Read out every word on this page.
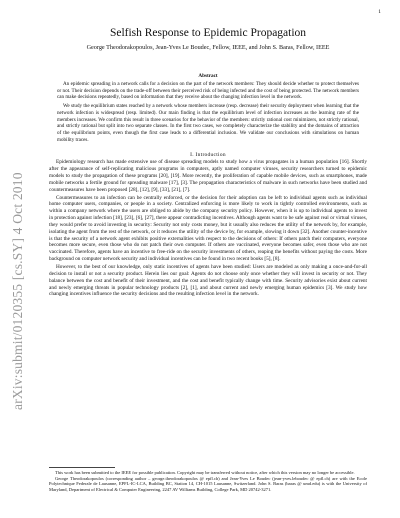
1
arXiv:submit/0120355 [cs.SY] 4 Oct 2010
Selfish Response to Epidemic Propagation
George Theodorakopoulos, Jean-Yves Le Boudec, Fellow, IEEE, and John S. Baras, Fellow, IEEE
Abstract

An epidemic spreading in a network calls for a decision on the part of the network members: They should decide whether to protect themselves or not. Their decision depends on the trade-off between their perceived risk of being infected and the cost of being protected. The network members can make decisions repeatedly, based on information that they receive about the changing infection level in the network.

We study the equilibrium states reached by a network whose members increase (resp. decrease) their security deployment when learning that the network infection is widespread (resp. limited). Our main finding is that the equilibrium level of infection increases as the learning rate of the members increases. We confirm this result in three scenarios for the behavior of the members: strictly rational cost minimizers, not strictly rational, and strictly rational but split into two separate classes. In the first two cases, we completely characterize the stability and the domains of attraction of the equilibrium points, even though the first case leads to a differential inclusion. We validate our conclusions with simulations on human mobility traces.

I. Introduction

Epidemiology research has made extensive use of disease spreading models to study how a virus propagates in a human population [16]. Shortly after the appearance of self-replicating malicious programs in computers, aptly named computer viruses, security researchers turned to epidemic models to study the propagation of these programs [20], [19]. More recently, the proliferation of capable mobile devices, such as smartphones, made mobile networks a fertile ground for spreading malware [17], [3]. The propagation characteristics of malware in such networks have been studied and countermeasures have been proposed [28], [12], [9], [33], [21], [7].

Countermeasures to an infection can be centrally enforced, or the decision for their adoption can be left to individual agents such as individual home computer users, companies, or people in a society. Centralized enforcing is more likely to work in tightly controlled environments, such as within a company network where the users are obliged to abide by the company security policy. However, when it is up to individual agents to invest in protection against infection [18], [23], [6], [27], there appear contradicting incentives. Although agents want to be safe against real or virtual viruses, they would prefer to avoid investing in security: Security not only costs money, but it usually also reduces the utility of the network by, for example, isolating the agent from the rest of the network, or it reduces the utility of the device by, for example, slowing it down [32]. Another counter-incentive is that the security of a network agent exhibits positive externalities with respect to the decisions of others: If others patch their computers, everyone becomes more secure, even those who do not patch their own computer. If others are vaccinated, everyone becomes safer, even those who are not vaccinated. Therefore, agents have an incentive to free-ride on the security investments of others, reaping the benefits without paying the costs. More background on computer network security and individual incentives can be found in two recent books [5], [8].

However, to the best of our knowledge, only static incentives of agents have been studied: Users are modeled as only making a once-and-for-all decision to install or not a security product. Herein lies our goal: Agents do not choose only once whether they will invest in security or not. They balance between the cost and benefit of their investment, and the cost and benefit typically change with time. Security advisories exist about current and newly emerging threats in popular technology products [2], [1], and about current and newly emerging human epidemics [3]. We study how changing incentives influence the security decisions and the resulting infection level in the network.

This work has been submitted to the IEEE for possible publication. Copyright may be transferred without notice, after which this version may no longer be accessible.

George Theodorakopoulos (corresponding author – george.theodorakopoulos @ epfl.ch) and Jean-Yves Le Boudec (jean-yves.leboudec @ epfl.ch) are with the Ecole Polytechnique Federale de Lausanne, EPFL-IC-LCA, Building BC, Station 14, CH-1015 Lausanne, Switzerland. John S. Baras (baras @ umd.edu) is with the University of Maryland, Department of Electrical & Computer Engineering, 2247 AV Williams Building, College Park, MD 20742-3271.
